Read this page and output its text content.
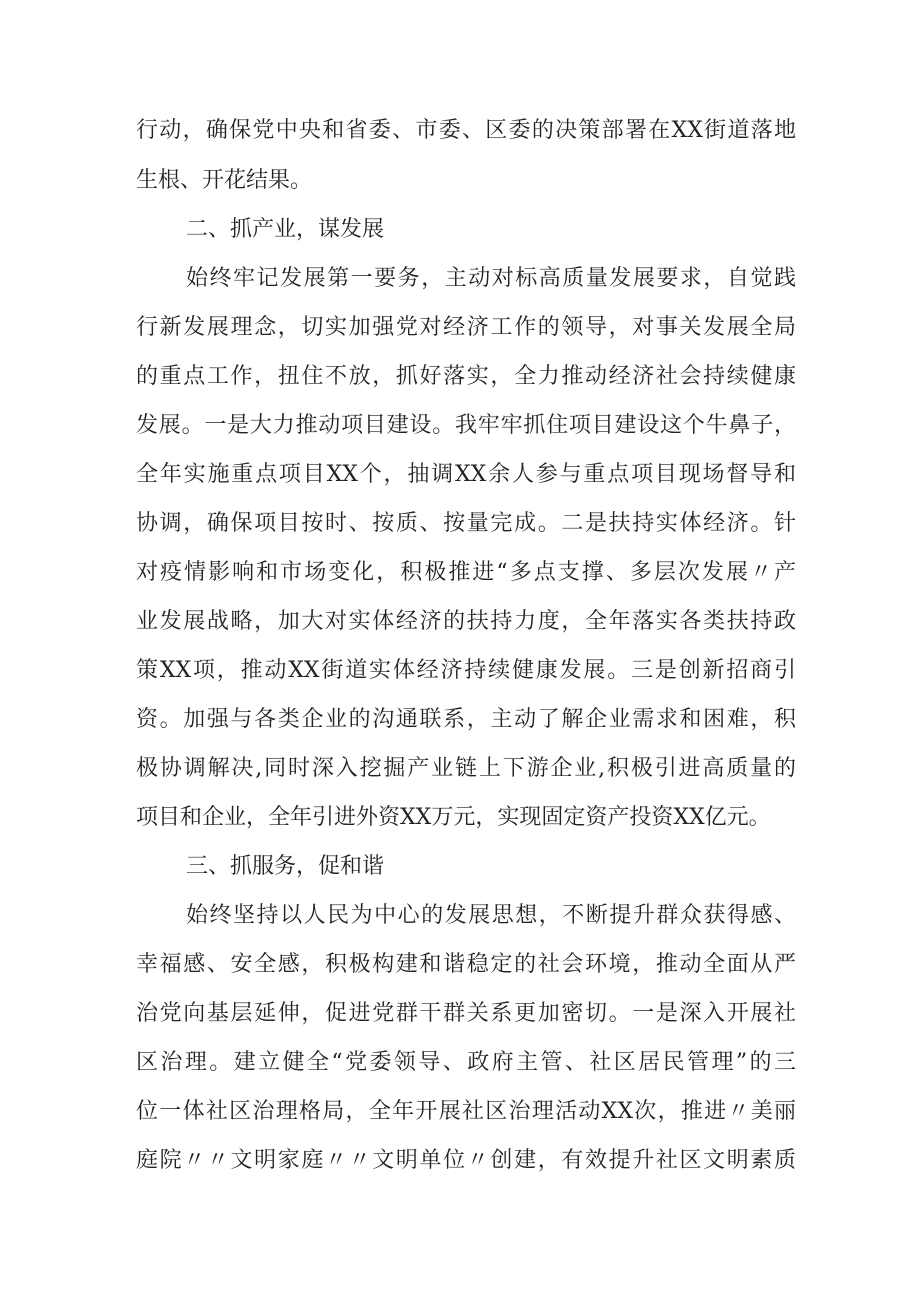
行动，确保党中央和省委、市委、区委的决策部署在XX街道落地

生根、开花结果。

二、抓产业，谋发展

始终牢记发展第一要务，主动对标高质量发展要求，自觉践

行新发展理念，切实加强党对经济工作的领导，对事关发展全局

的重点工作，扭住不放，抓好落实，全力推动经济社会持续健康

发展。一是大力推动项目建设。我牢牢抓住项目建设这个牛鼻子，

全年实施重点项目XX个，抽调XX余人参与重点项目现场督导和

协调，确保项目按时、按质、按量完成。二是扶持实体经济。针

对疫情影响和市场变化，积极推进“多点支撑、多层次发展〃产

业发展战略，加大对实体经济的扶持力度，全年落实各类扶持政

策XX项，推动XX街道实体经济持续健康发展。三是创新招商引

资。加强与各类企业的沟通联系，主动了解企业需求和困难，积

极协调解决,同时深入挖掘产业链上下游企业,积极引进高质量的

项目和企业，全年引进外资XX万元，实现固定资产投资XX亿元。

三、抓服务，促和谐

始终坚持以人民为中心的发展思想，不断提升群众获得感、

幸福感、安全感，积极构建和谐稳定的社会环境，推动全面从严

治党向基层延伸，促进党群干群关系更加密切。一是深入开展社

区治理。建立健全“党委领导、政府主管、社区居民管理”的三

位一体社区治理格局，全年开展社区治理活动XX次，推进〃美丽

庭院〃〃文明家庭〃〃文明单位〃创建，有效提升社区文明素质
